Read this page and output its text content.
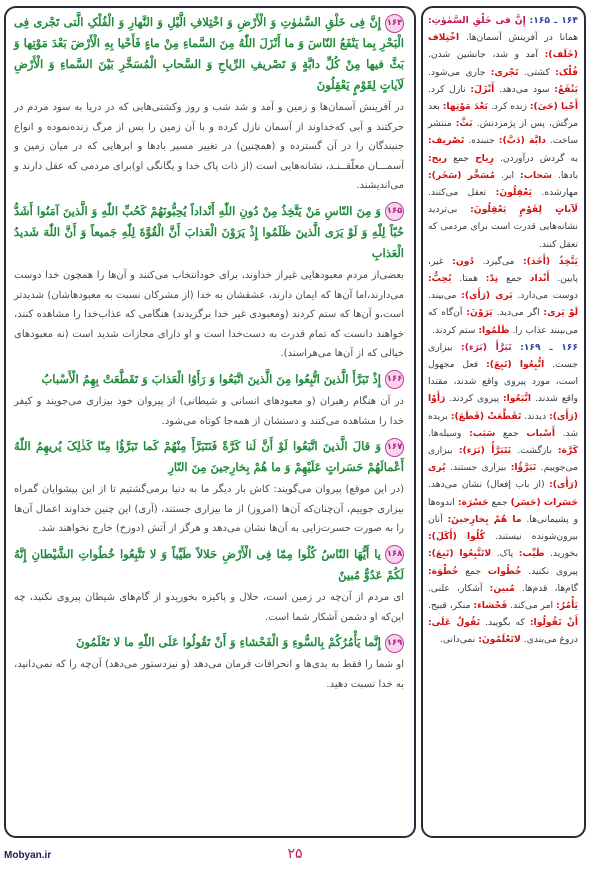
۱۶۴ ـ ۱۶۵: إِنَّ فی خَلْقِ السَّمٰوٰتِ: همانا در آفرینش آسمان‌ها. اخْتِلاف (خَلَف): آمد و شد، جانشین شدن. فُلْک: کشتی. تَجْری: جاری می‌شود. یَنْفَعُ: سود می‌دهد. أَنْزَلَ: نازل کرد. أَحْیا (حَیَ): زنده کرد. بَعْدَ مَوْتِها: بعد مرگش، پس از پژمردنش. بَثَّ: منتشر ساخت. دابَّة (دَبَّ): جنبنده. تَصْریف: به گردش درآوردن. رِیاح جمع ریح: بادها. سَحاب: ابر. مُسَخَّر (سَخَر): مهارشده. یَعْقِلُونَ: تعقل می‌کنند. لَآیاتٍ لِقَوْمٍ یَعْقِلُونَ: بی‌تردید نشانه‌هایی قدرت است برای مردمی که تعقل کنند.
یَتَّخِذُ (أَخَذ): می‌گیرد. دُون: غیر، پایین. أَنْداد جمع نِدّ: همتا. یُحِبُّ: دوست می‌دارد. یَرى (رَأَى): می‌بیند. لَوْ یَرى: اگر می‌دید. یَرَوْنَ: آن‌گاه که می‌بینند عذاب را. ظَلَمُوا: ستم کردند.
۱۶۶ ـ ۱۶۹: تَبَرَّأَ (بَرَء): بیزاری جست. اتُّبِعُوا (تَبِعَ): فعل مجهول است، مورد پیروی واقع شدند، مقتدا واقع شدند. اتَّبَعُوا: پیروی کردند. رَأَوْا (رَأَى): دیدند. تَقَطَّعَتْ (قَطَعَ): بریده شد. أَسْباب جمع سَبَب: وسیله‌ها. کَرَّة: بازگشت. نَتَبَرَّأُ (بَرَء): بیزاری می‌جوییم. تَبَرَّؤُا: بیزاری جستند. یُری (رَأَى): (از باب إفعال) نشان می‌دهد. حَسَرات (حَسَر) جمع حَسْرَة: اندوه‌ها و پشیمانی‌ها. ما هُمْ بِخارِجینَ: آنان بیرون‌شونده نیستند. کُلُوا (أَکَلَ): بخورید. طَیِّب: پاک. لاتَتَّبِعُوا (تَبِعَ): پیروی نکنید. خُطُوات جمع خُطْوَة: گام‌ها، قدم‌ها. مُبین: آشکار، علنی. یَأْمُرُ: امر می‌کند. فَحْشاء: منکر، قبیح. أَنْ تَقُولُوا: که بگویید. تَقُولُ عَلَى: دروغ می‌بندی. لاتَعْلَمُونَ: نمی‌دانی.
۱۶۴إِنَّ فِی خَلْقِ السَّمٰوٰتِ وَ الْأَرْضِ وَ اخْتِلافِ الَّیْلِ وَ النَّهارِ وَ الْفُلْکِ الَّتی تَجْری فِی الْبَحْرِ بِما یَنْفَعُ النّاسَ وَ ما أَنْزَلَ اللّٰهُ مِنَ السَّماءِ مِنْ ماءٍ فَأَحْیا بِهِ الْأَرْضَ بَعْدَ مَوْتِها وَ بَثَّ فیها مِنْ کُلِّ دابَّةٍ وَ تَصْریفِ الرِّیاحِ وَ السَّحابِ الْمُسَخَّرِ بَیْنَ السَّماءِ وَ الْأَرْضِ لَآیاتٍ لِقَوْمٍ یَعْقِلُونَ
در آفرینش آسمان‌ها و زمین و آمد و شد شب و روز وکشتی‌هایی که در دریا به سود مردم در حرکتند و آبی که‌خداوند از آسمان نازل کرده و با آن زمین را پس از مرگ زنده‌نموده و انواع جنبندگان را در آن گسترده و (همچنین) در تغییر مسیر بادها و ابرهایی که در میان زمین و آسمـــان معلّقــنـد، نشانه‌هایی است (از ذات پاک خدا و یگانگی او)برای مردمی که عقل دارند و می‌اندیشند.
۱۶۵وَ مِنَ النّاسِ مَنْ یَتَّخِذُ مِنْ دُونِ اللّٰهِ أَنْداداً یُحِبُّونَهُمْ کَحُبِّ اللّٰهِ وَ الَّذینَ آمَنُوا أَشَدُّ حُبّاً لِلّٰهِ وَ لَوْ یَرَى الَّذینَ ظَلَمُوا إِذْ یَرَوْنَ الْعَذابَ أَنَّ الْقُوَّةَ لِلّٰهِ جَمیعاً وَ أَنَّ اللّٰهَ شَدیدُ الْعَذابِ
بعضی‌از مردم معبودهایی غیراز خداوند، برای خودانتخاب می‌کنند و آن‌ها را همچون خدا دوست می‌دارند،اما آن‌ها که ایمان دارند، عشقشان به خدا (از مشرکان نسبت به معبودهاشان) شدیدتر است،و آن‌ها که ستم کردند (ومعبودی غیر خدا برگزیدند) هنگامی که عذاب‌خدا را مشاهده کنند، خواهند دانست که تمام قدرت به دست‌خدا است و او دارای مجازات شدید است (نه معبودهای خیالی که از آن‌ها می‌هراسند).
۱۶۶إِذْ تَبَرَّأَ الَّذینَ اتُّبِعُوا مِنَ الَّذینَ اتَّبَعُوا وَ رَأَوُا الْعَذابَ وَ تَقَطَّعَتْ بِهِمُ الْأَسْبابُ
در آن هنگام رهبران (و معبودهای انسانی و شیطانی) از پیروان خود بیزاری می‌جویند و کیفر خدا را مشاهده می‌کنند و دستشان از همه‌جا کوتاه می‌شود.
۱۶۷وَ قالَ الَّذینَ اتَّبَعُوا لَوْ أَنَّ لَنا کَرَّةً فَنَتَبَرَّأَ مِنْهُمْ کَما تَبَرَّؤُا مِنّا کَذٰلِکَ یُریهِمُ اللّٰهُ أَعْمالَهُمْ حَسَراتٍ عَلَیْهِمْ وَ ما هُمْ بِخارِجینَ مِنَ النّارِ
(در این موقع) پیروان می‌گویند: کاش بار دیگر ما به دنیا برمی‌گشتیم تا از این پیشوایان گمراه بیزاری جوییم، آن‌چنان‌که آن‌ها (امروز) از ما بیزاری جستند، (آری) این چنین خداوند اعمال آن‌ها را به صورت حسرت‌زایی به آن‌ها نشان می‌دهد و هرگز از آتش (دوزخ) خارج نخواهند شد.
۱۶۸یا أَیُّهَا النّاسُ کُلُوا مِمّا فِی الْأَرْضِ حَلالاً طَیِّباً وَ لا تَتَّبِعُوا خُطُواتِ الشَّیْطانِ إِنَّهُ لَکُمْ عَدُوٌّ مُبینٌ
ای مردم از آن‌چه در زمین است، حلال و پاکیزه بخوریدو از گام‌های شیطان پیروی نکنید، چه این‌که او دشمن آشکار شما است.
۱۶۹إِنَّما یَأْمُرُکُمْ بِالسُّوءِ وَ الْفَحْشاءِ وَ أَنْ تَقُولُوا عَلَى اللّٰهِ ما لا تَعْلَمُونَ
او شما را فقط به بدی‌ها و انحرافات فرمان می‌دهد (و نیزدستور می‌دهد) آن‌چه را که نمی‌دانید، به خدا نسبت دهید.
۲۵
Mobyan.ir
